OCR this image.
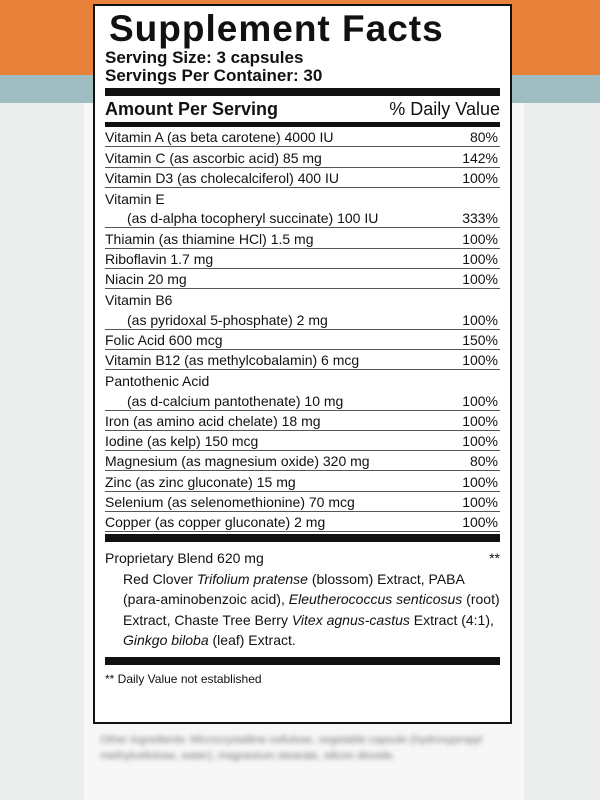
Supplement Facts
Serving Size: 3 capsules
Servings Per Container: 30
Amount Per Serving	% Daily Value
Vitamin A (as beta carotene) 4000 IU	80%
Vitamin C (as ascorbic acid) 85 mg	142%
Vitamin D3 (as cholecalciferol) 400 IU	100%
Vitamin E
(as d-alpha tocopheryl succinate) 100 IU	333%
Thiamin (as thiamine HCl) 1.5 mg	100%
Riboflavin 1.7 mg	100%
Niacin 20 mg	100%
Vitamin B6
(as pyridoxal 5-phosphate) 2 mg	100%
Folic Acid 600 mcg	150%
Vitamin B12 (as methylcobalamin) 6 mcg	100%
Pantothenic Acid
(as d-calcium pantothenate) 10 mg	100%
Iron (as amino acid chelate) 18 mg	100%
Iodine (as kelp) 150 mcg	100%
Magnesium (as magnesium oxide) 320 mg	80%
Zinc (as zinc gluconate) 15 mg	100%
Selenium (as selenomethionine) 70 mcg	100%
Copper (as copper gluconate) 2 mg	100%
Proprietary Blend 620 mg	**
Red Clover Trifolium pratense (blossom) Extract, PABA (para-aminobenzoic acid), Eleutherococcus senticosus (root) Extract, Chaste Tree Berry Vitex agnus-castus Extract (4:1), Ginkgo biloba (leaf) Extract.
** Daily Value not established
Other ingredients: Microcrystalline cellulose, vegetable capsule (hydroxypropyl methylcellulose, water), magnesium stearate, silicon dioxide.
